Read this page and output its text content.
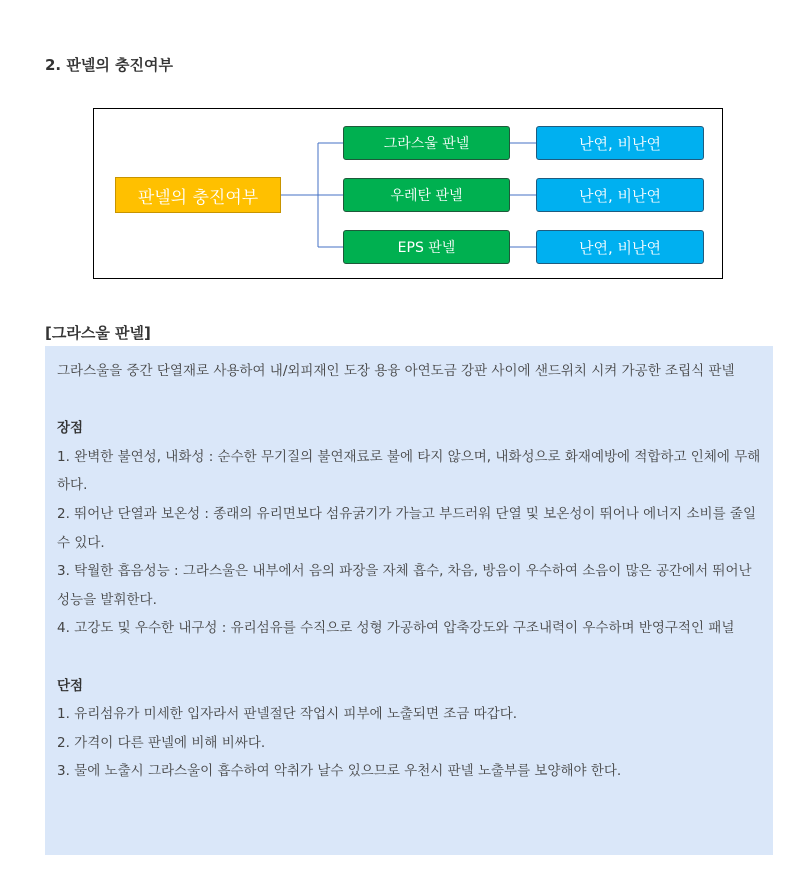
2. 판넬의 충진여부
판넬의 충진여부
그라스울 판넬
우레탄 판넬
EPS 판넬
난연, 비난연
난연, 비난연
난연, 비난연
[그라스울 판넬]

그라스울을 중간 단열재로 사용하여 내/외피재인 도장 용융 아연도금 강판 사이에 샌드위치 시켜 가공한 조립식 판넬

장점

1. 완벽한 불연성, 내화성 : 순수한 무기질의 불연재료로 불에 타지 않으며, 내화성으로 화재예방에 적합하고 인체에 무해하다.

2. 뛰어난 단열과 보온성 : 종래의 유리면보다 섬유굵기가 가늘고 부드러워 단열 및 보온성이 뛰어나 에너지 소비를 줄일 수 있다.

3. 탁월한 흡음성능 : 그라스울은 내부에서 음의 파장을 자체 흡수, 차음, 방음이 우수하여 소음이 많은 공간에서 뛰어난 성능을 발휘한다.

4. 고강도 및 우수한 내구성 : 유리섬유를 수직으로 성형 가공하여 압축강도와 구조내력이 우수하며 반영구적인 패널

단점

1. 유리섬유가 미세한 입자라서 판넬절단 작업시 피부에 노출되면 조금 따갑다.

2. 가격이 다른 판넬에 비해 비싸다.

3. 물에 노출시 그라스울이 흡수하여 악취가 날수 있으므로 우천시 판넬 노출부를 보양해야 한다.
